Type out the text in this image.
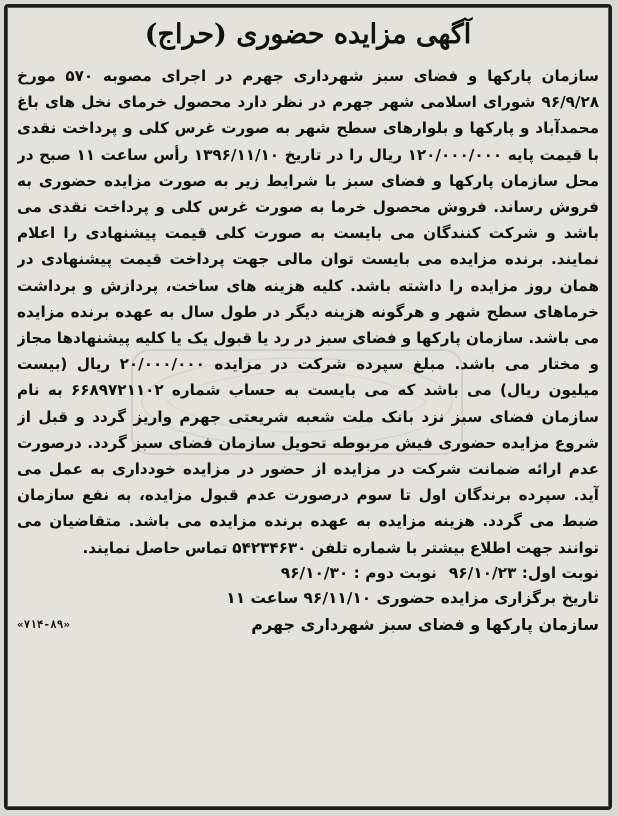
آگهی مزایده حضوری (حراج)

سازمان پارکها و فضای سبز شهرداری جهرم در اجرای مصوبه ۵۷۰ مورخ ۹۶/۹/۲۸ شورای اسلامی شهر جهرم در نظر دارد محصول خرمای نخل های باغ محمدآباد و پارکها و بلوارهای سطح شهر به صورت غرس کلی و پرداخت نقدی با قیمت پایه ۱۲۰/۰۰۰/۰۰۰ ریال را در تاریخ ۱۳۹۶/۱۱/۱۰ رأس ساعت ۱۱ صبح در محل سازمان پارکها و فضای سبز با شرایط زیر به صورت مزایده حضوری به فروش رساند. فروش محصول خرما به صورت غرس کلی و پرداخت نقدی می باشد و شرکت کنندگان می بایست به صورت کلی قیمت پیشنهادی را اعلام نمایند. برنده مزایده می بایست توان مالی جهت پرداخت قیمت پیشنهادی در همان روز مزایده را داشته باشد. کلیه هزینه های ساخت، پردازش و برداشت خرماهای سطح شهر و هرگونه هزینه دیگر در طول سال به عهده برنده مزایده می باشد. سازمان پارکها و فضای سبز در رد یا قبول یک یا کلیه پیشنهادها مجاز و مختار می باشد. مبلغ سپرده شرکت در مزایده ۲۰/۰۰۰/۰۰۰ ریال (بیست میلیون ریال) می باشد که می بایست به حساب شماره ۶۶۸۹۷۲۱۱۰۲ به نام سازمان فضای سبز نزد بانک ملت شعبه شریعتی جهرم واریز گردد و قبل از شروع مزایده حضوری فیش مربوطه تحویل سازمان فضای سبز گردد. درصورت عدم ارائه ضمانت شرکت در مزایده از حضور در مزایده خودداری به عمل می آید. سپرده برندگان اول تا سوم درصورت عدم قبول مزایده، به نفع سازمان ضبط می گردد. هزینه مزایده به عهده برنده مزایده می باشد. متقاضیان می توانند جهت اطلاع بیشتر با شماره تلفن ۵۴۲۳۴۶۳۰ تماس حاصل نمایند.

نوبت اول: ۹۶/۱۰/۲۳
نوبت دوم : ۹۶/۱۰/۳۰

تاریخ برگزاری مزایده حضوری ۹۶/۱۱/۱۰ ساعت ۱۱

سازمان پارکها و فضای سبز شهرداری جهرم
«۷۱۴-۸۹»
